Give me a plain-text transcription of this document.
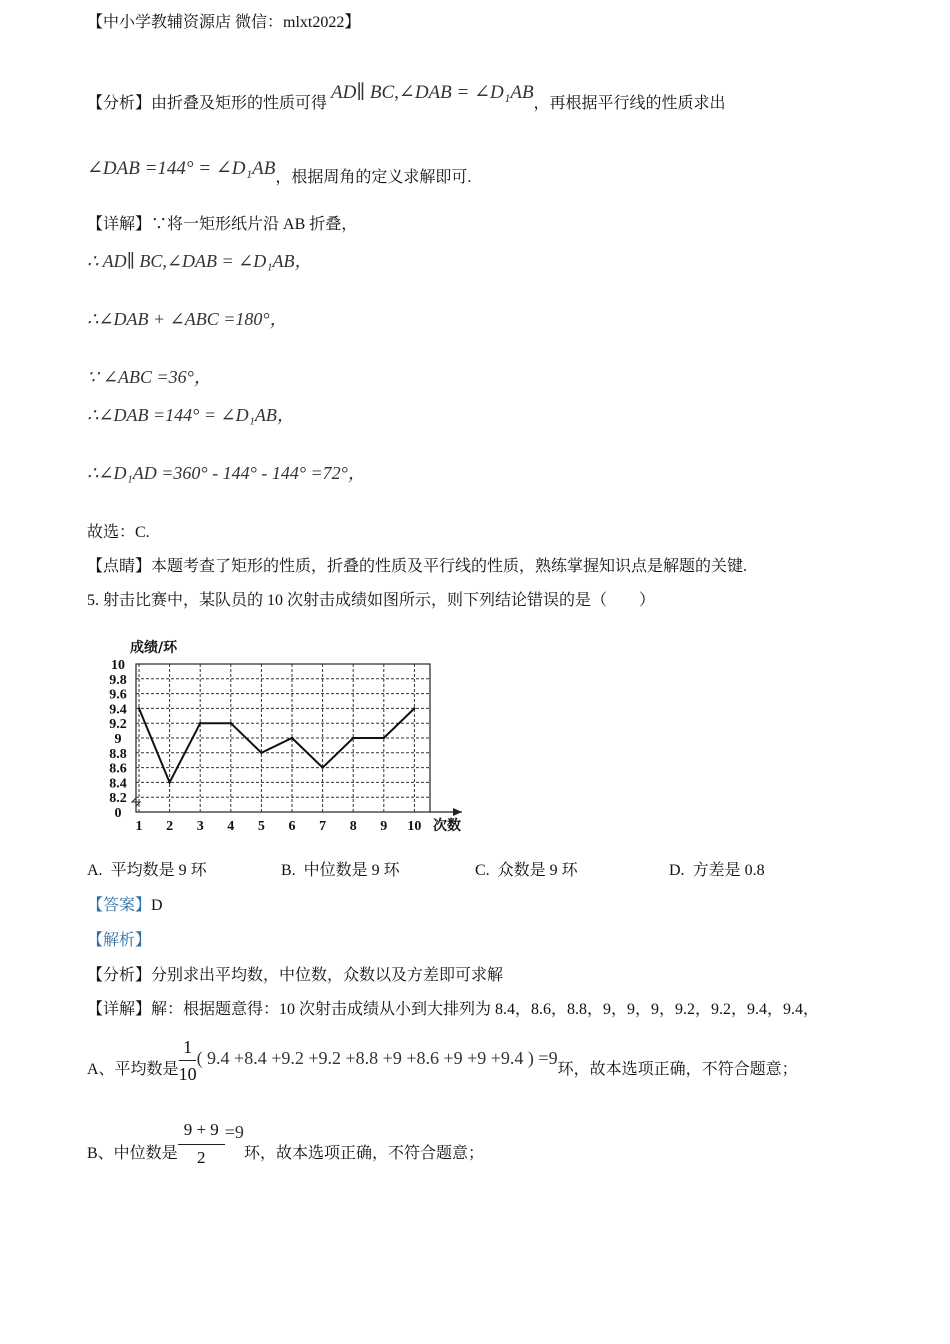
【中小学教辅资源店 微信：mlxt2022】
【分析】由折叠及矩形的性质可得 AD∥ BC,∠DAB = ∠D₁AB，再根据平行线的性质求出
∠DAB =144° = ∠D₁AB，根据周角的定义求解即可.
【详解】∵将一矩形纸片沿 AB 折叠，
∴ AD∥ BC,∠DAB = ∠D₁AB，
∴∠DAB + ∠ABC =180°，
∵ ∠ABC =36°，
∴∠DAB =144° = ∠D₁AB，
∴∠D₁AD =360° - 144° - 144° =72°，
故选：C.
【点睛】本题考查了矩形的性质，折叠的性质及平行线的性质，熟练掌握知识点是解题的关键.
5. 射击比赛中，某队员的 10 次射击成绩如图所示，则下列结论错误的是（　　）
0
8.2
8.4
8.6
8.8
9
9.2
9.4
9.6
9.8
10
1 2 3 4 5 6 7 8 9 10
成绩/环
次数
A. 平均数是 9 环	B. 中位数是 9 环	C. 众数是 9 环	D. 方差是 0.8
【答案】D
【解析】
【分析】分别求出平均数，中位数，众数以及方差即可求解
【详解】解：根据题意得：10 次射击成绩从小到大排列为 8.4，8.6，8.8，9，9，9，9.2，9.2，9.4，9.4，
A、平均数是 $\frac{1}{10}$ ( 9.4 +8.4 +9.2 +9.2 +8.8 +9 +8.6 +9 +9 +9.4 ) =9
环，故本选项正确，不符合题意；
B、中位数是 $\frac{9 + 9}{2} =9$
环，故本选项正确，不符合题意；
